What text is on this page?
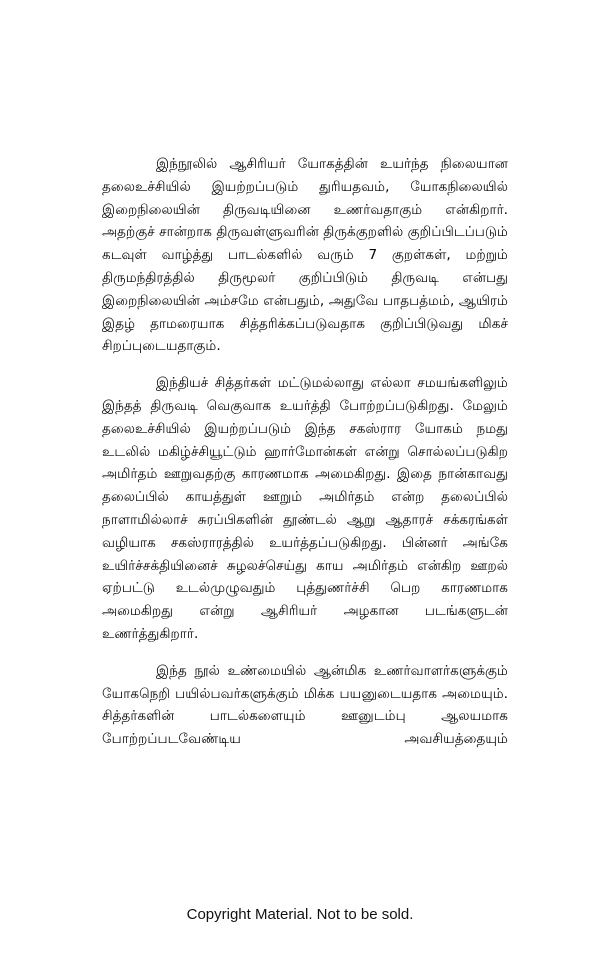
இந்நூலில் ஆசிரியர் யோகத்தின் உயர்ந்த நிலையான தலைஉச்சியில் இயற்றப்படும் துரியதவம், யோகநிலையில் இறைநிலையின் திருவடியினை உணர்வதாகும் என்கிறார். அதற்குச் சான்றாக திருவள்ளுவரின் திருக்குறளில் குறிப்பிடப்படும் கடவுள் வாழ்த்து பாடல்களில் வரும் 7 குறள்கள், மற்றும் திருமந்திரத்தில் திருமூலர் குறிப்பிடும் திருவடி என்பது இறைநிலையின் அம்சமே என்பதும், அதுவே பாதபத்மம், ஆயிரம் இதழ் தாமரையாக சித்தரிக்கப்படுவதாக குறிப்பிடுவது மிகச் சிறப்புடையதாகும்.

இந்தியச் சித்தர்கள் மட்டுமல்லாது எல்லா சமயங்களிலும் இந்தத் திருவடி வெகுவாக உயர்த்தி போற்றப்படுகிறது. மேலும் தலைஉச்சியில் இயற்றப்படும் இந்த சகஸ்ரார யோகம் நமது உடலில் மகிழ்ச்சியூட்டும் ஹார்மோன்கள் என்று சொல்லப்படுகிற அமிர்தம் ஊறுவதற்கு காரணமாக அமைகிறது. இதை நான்காவது தலைப்பில் காயத்துள் ஊறும் அமிர்தம் என்ற தலைப்பில் நாளாமில்லாச் சுரப்பிகளின் தூண்டல் ஆறு ஆதாரச் சக்கரங்கள் வழியாக சகஸ்ராரத்தில் உயர்த்தப்படுகிறது. பின்னர் அங்கே உயிர்ச்சக்தியினைச் சுழலச்செய்து காய அமிர்தம் என்கிற ஊறல் ஏற்பட்டு உடல்முழுவதும் புத்துணர்ச்சி பெற காரணமாக அமைகிறது என்று ஆசிரியர் அழகான படங்களுடன் உணர்த்துகிறார்.

இந்த நூல் உண்மையில் ஆன்மிக உணர்வாளர்களுக்கும் யோகநெறி பயில்பவர்களுக்கும் மிக்க பயனுடையதாக அமையும். சித்தர்களின் பாடல்களையும் ஊனுடம்பு ஆலயமாக போற்றப்படவேண்டிய அவசியத்தையும்

Copyright Material. Not to be sold.
